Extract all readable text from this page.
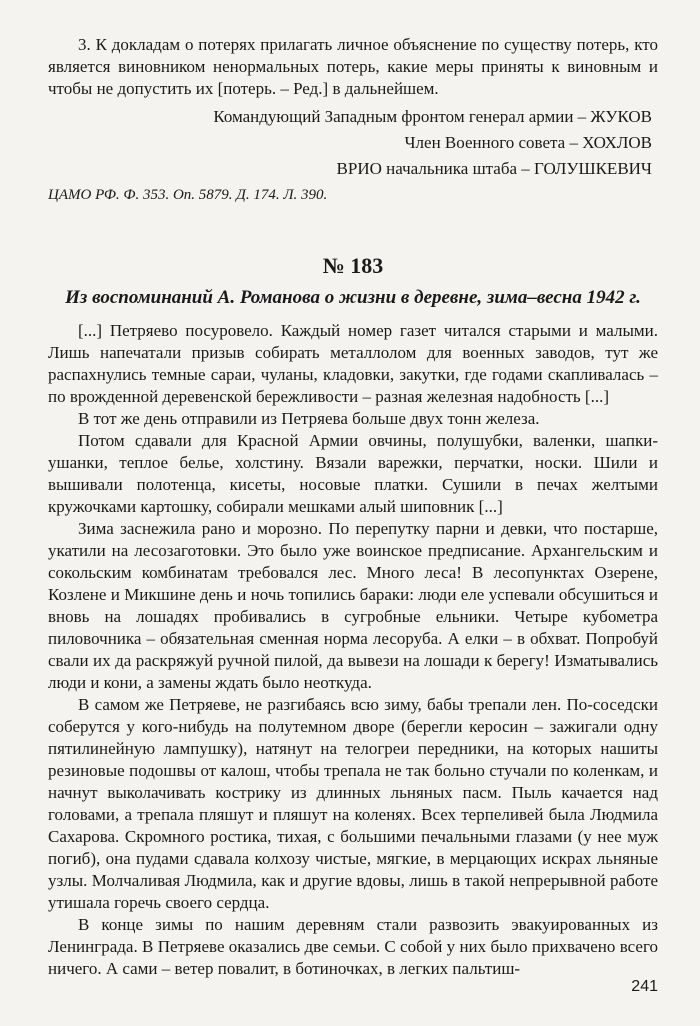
3. К докладам о потерях прилагать личное объяснение по существу потерь, кто является виновником ненормальных потерь, какие меры приняты к виновным и чтобы не допустить их [потерь. – Ред.] в дальнейшем.

Командующий Западным фронтом генерал армии – ЖУКОВ
Член Военного совета – ХОХЛОВ
ВРИО начальника штаба – ГОЛУШКЕВИЧ

ЦАМО РФ. Ф. 353. Оп. 5879. Д. 174. Л. 390.

№ 183
Из воспоминаний А. Романова о жизни в деревне, зима–весна 1942 г.

[...] Петряево посуровело. Каждый номер газет читался старыми и малыми. Лишь напечатали призыв собирать металлолом для военных заводов, тут же распахнулись темные сараи, чуланы, кладовки, закутки, где годами скапливалась – по врожденной деревенской бережливости – разная железная надобность [...]

В тот же день отправили из Петряева больше двух тонн железа.

Потом сдавали для Красной Армии овчины, полушубки, валенки, шапки-ушанки, теплое белье, холстину. Вязали варежки, перчатки, носки. Шили и вышивали полотенца, кисеты, носовые платки. Сушили в печах желтыми кружочками картошку, собирали мешками алый шиповник [...]

Зима заснежила рано и морозно. По перепутку парни и девки, что постарше, укатили на лесозаготовки. Это было уже воинское предписание. Архангельским и сокольским комбинатам требовался лес. Много леса! В лесопунктах Озерене, Козлене и Микшине день и ночь топились бараки: люди еле успевали обсушиться и вновь на лошадях пробивались в сугробные ельники. Четыре кубометра пиловочника – обязательная сменная норма лесоруба. А елки – в обхват. Попробуй свали их да раскряжуй ручной пилой, да вывези на лошади к берегу! Изматывались люди и кони, а замены ждать было неоткуда.

В самом же Петряеве, не разгибаясь всю зиму, бабы трепали лен. По-соседски соберутся у кого-нибудь на полутемном дворе (берегли керосин – зажигали одну пятилинейную лампушку), натянут на телогреи передники, на которых нашиты резиновые подошвы от калош, чтобы трепала не так больно стучали по коленкам, и начнут выколачивать кострику из длинных льняных пасм. Пыль качается над головами, а трепала пляшут и пляшут на коленях. Всех терпеливей была Людмила Сахарова. Скромного ростика, тихая, с большими печальными глазами (у нее муж погиб), она пудами сдавала колхозу чистые, мягкие, в мерцающих искрах льняные узлы. Молчаливая Людмила, как и другие вдовы, лишь в такой непрерывной работе утишала горечь своего сердца.

В конце зимы по нашим деревням стали развозить эвакуированных из Ленинграда. В Петряеве оказались две семьи. С собой у них было прихвачено всего ничего. А сами – ветер повалит, в ботиночках, в легких пальтиш-

241
